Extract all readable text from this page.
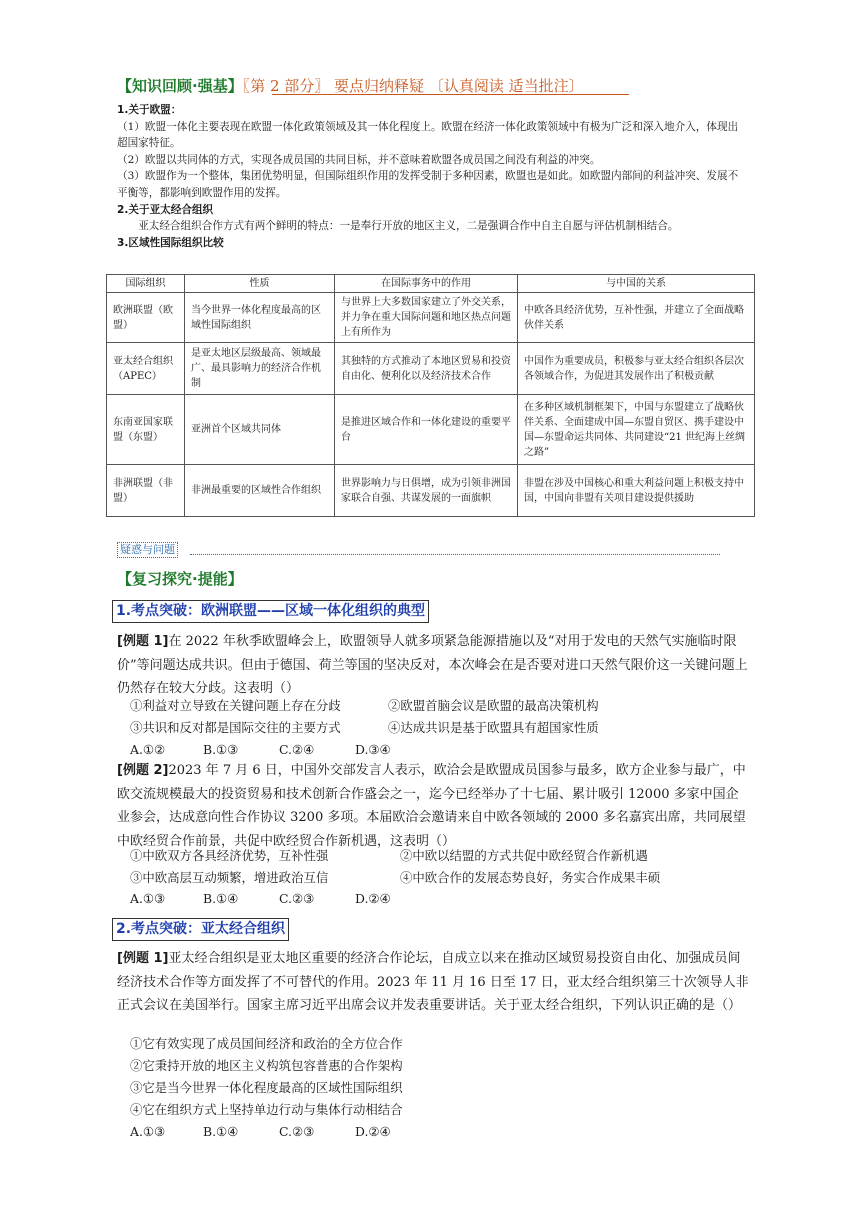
【知识回顾·强基】〖第 2 部分〗 要点归纳释疑 〔认真阅读 适当批注〕
1.关于欧盟：
（1）欧盟一体化主要表现在欧盟一体化政策领域及其一体化程度上。欧盟在经济一体化政策领域中有极为广泛和深入地介入，体现出超国家特征。
（2）欧盟以共同体的方式，实现各成员国的共同目标，并不意味着欧盟各成员国之间没有利益的冲突。
（3）欧盟作为一个整体，集团优势明显，但国际组织作用的发挥受制于多种因素，欧盟也是如此。如欧盟内部间的利益冲突、发展不平衡等，都影响到欧盟作用的发挥。
2.关于亚太经合组织
亚太经合组织合作方式有两个鲜明的特点：一是奉行开放的地区主义，二是强调合作中自主自愿与评估机制相结合。
3.区域性国际组织比较
国际组织	性质	在国际事务中的作用	与中国的关系
欧洲联盟（欧盟）	当今世界一体化程度最高的区域性国际组织	与世界上大多数国家建立了外交关系，并力争在重大国际问题和地区热点问题上有所作为	中欧各具经济优势，互补性强，并建立了全面战略伙伴关系
亚太经合组织（APEC）	是亚太地区层级最高、领域最广、最具影响力的经济合作机制	其独特的方式推动了本地区贸易和投资自由化、便利化以及经济技术合作	中国作为重要成员，积极参与亚太经合组织各层次各领域合作，为促进其发展作出了积极贡献
东南亚国家联盟（东盟）	亚洲首个区域共同体	是推进区域合作和一体化建设的重要平台	在多种区域机制框架下，中国与东盟建立了战略伙伴关系、全面建成中国—东盟自贸区、携手建设中国—东盟命运共同体、共同建设“21 世纪海上丝绸之路”
非洲联盟（非盟）	非洲最重要的区域性合作组织	世界影响力与日俱增，成为引领非洲国家联合自强、共谋发展的一面旗帜	非盟在涉及中国核心和重大利益问题上积极支持中国，中国向非盟有关项目建设提供援助
疑惑与问题
【复习探究·提能】
1.考点突破：欧洲联盟——区域一体化组织的典型
[例题 1]在 2022 年秋季欧盟峰会上，欧盟领导人就多项紧急能源措施以及“对用于发电的天然气实施临时限价”等问题达成共识。但由于德国、荷兰等国的坚决反对，本次峰会在是否要对进口天然气限价这一关键问题上仍然存在较大分歧。这表明（）
①利益对立导致在关键问题上存在分歧	②欧盟首脑会议是欧盟的最高决策机构
③共识和反对都是国际交往的主要方式	④达成共识是基于欧盟具有超国家性质
A.①②	B.①③	C.②④	D.③④
[例题 2]2023 年 7 月 6 日，中国外交部发言人表示，欧洽会是欧盟成员国参与最多，欧方企业参与最广，中欧交流规模最大的投资贸易和技术创新合作盛会之一，迄今已经举办了十七届、累计吸引 12000 多家中国企业参会，达成意向性合作协议 3200 多项。本届欧洽会邀请来自中欧各领域的 2000 多名嘉宾出席，共同展望中欧经贸合作前景，共促中欧经贸合作新机遇，这表明（）
①中欧双方各具经济优势，互补性强	②中欧以结盟的方式共促中欧经贸合作新机遇
③中欧高层互动频繁，增进政治互信	④中欧合作的发展态势良好，务实合作成果丰硕
A.①③	B.①④	C.②③	D.②④
2.考点突破：亚太经合组织
[例题 1]亚太经合组织是亚太地区重要的经济合作论坛，自成立以来在推动区域贸易投资自由化、加强成员间经济技术合作等方面发挥了不可替代的作用。2023 年 11 月 16 日至 17 日，亚太经合组织第三十次领导人非正式会议在美国举行。国家主席习近平出席会议并发表重要讲话。关于亚太经合组织，下列认识正确的是（）
①它有效实现了成员国间经济和政治的全方位合作
②它秉持开放的地区主义构筑包容普惠的合作架构
③它是当今世界一体化程度最高的区域性国际组织
④它在组织方式上坚持单边行动与集体行动相结合
A.①③	B.①④	C.②③	D.②④
